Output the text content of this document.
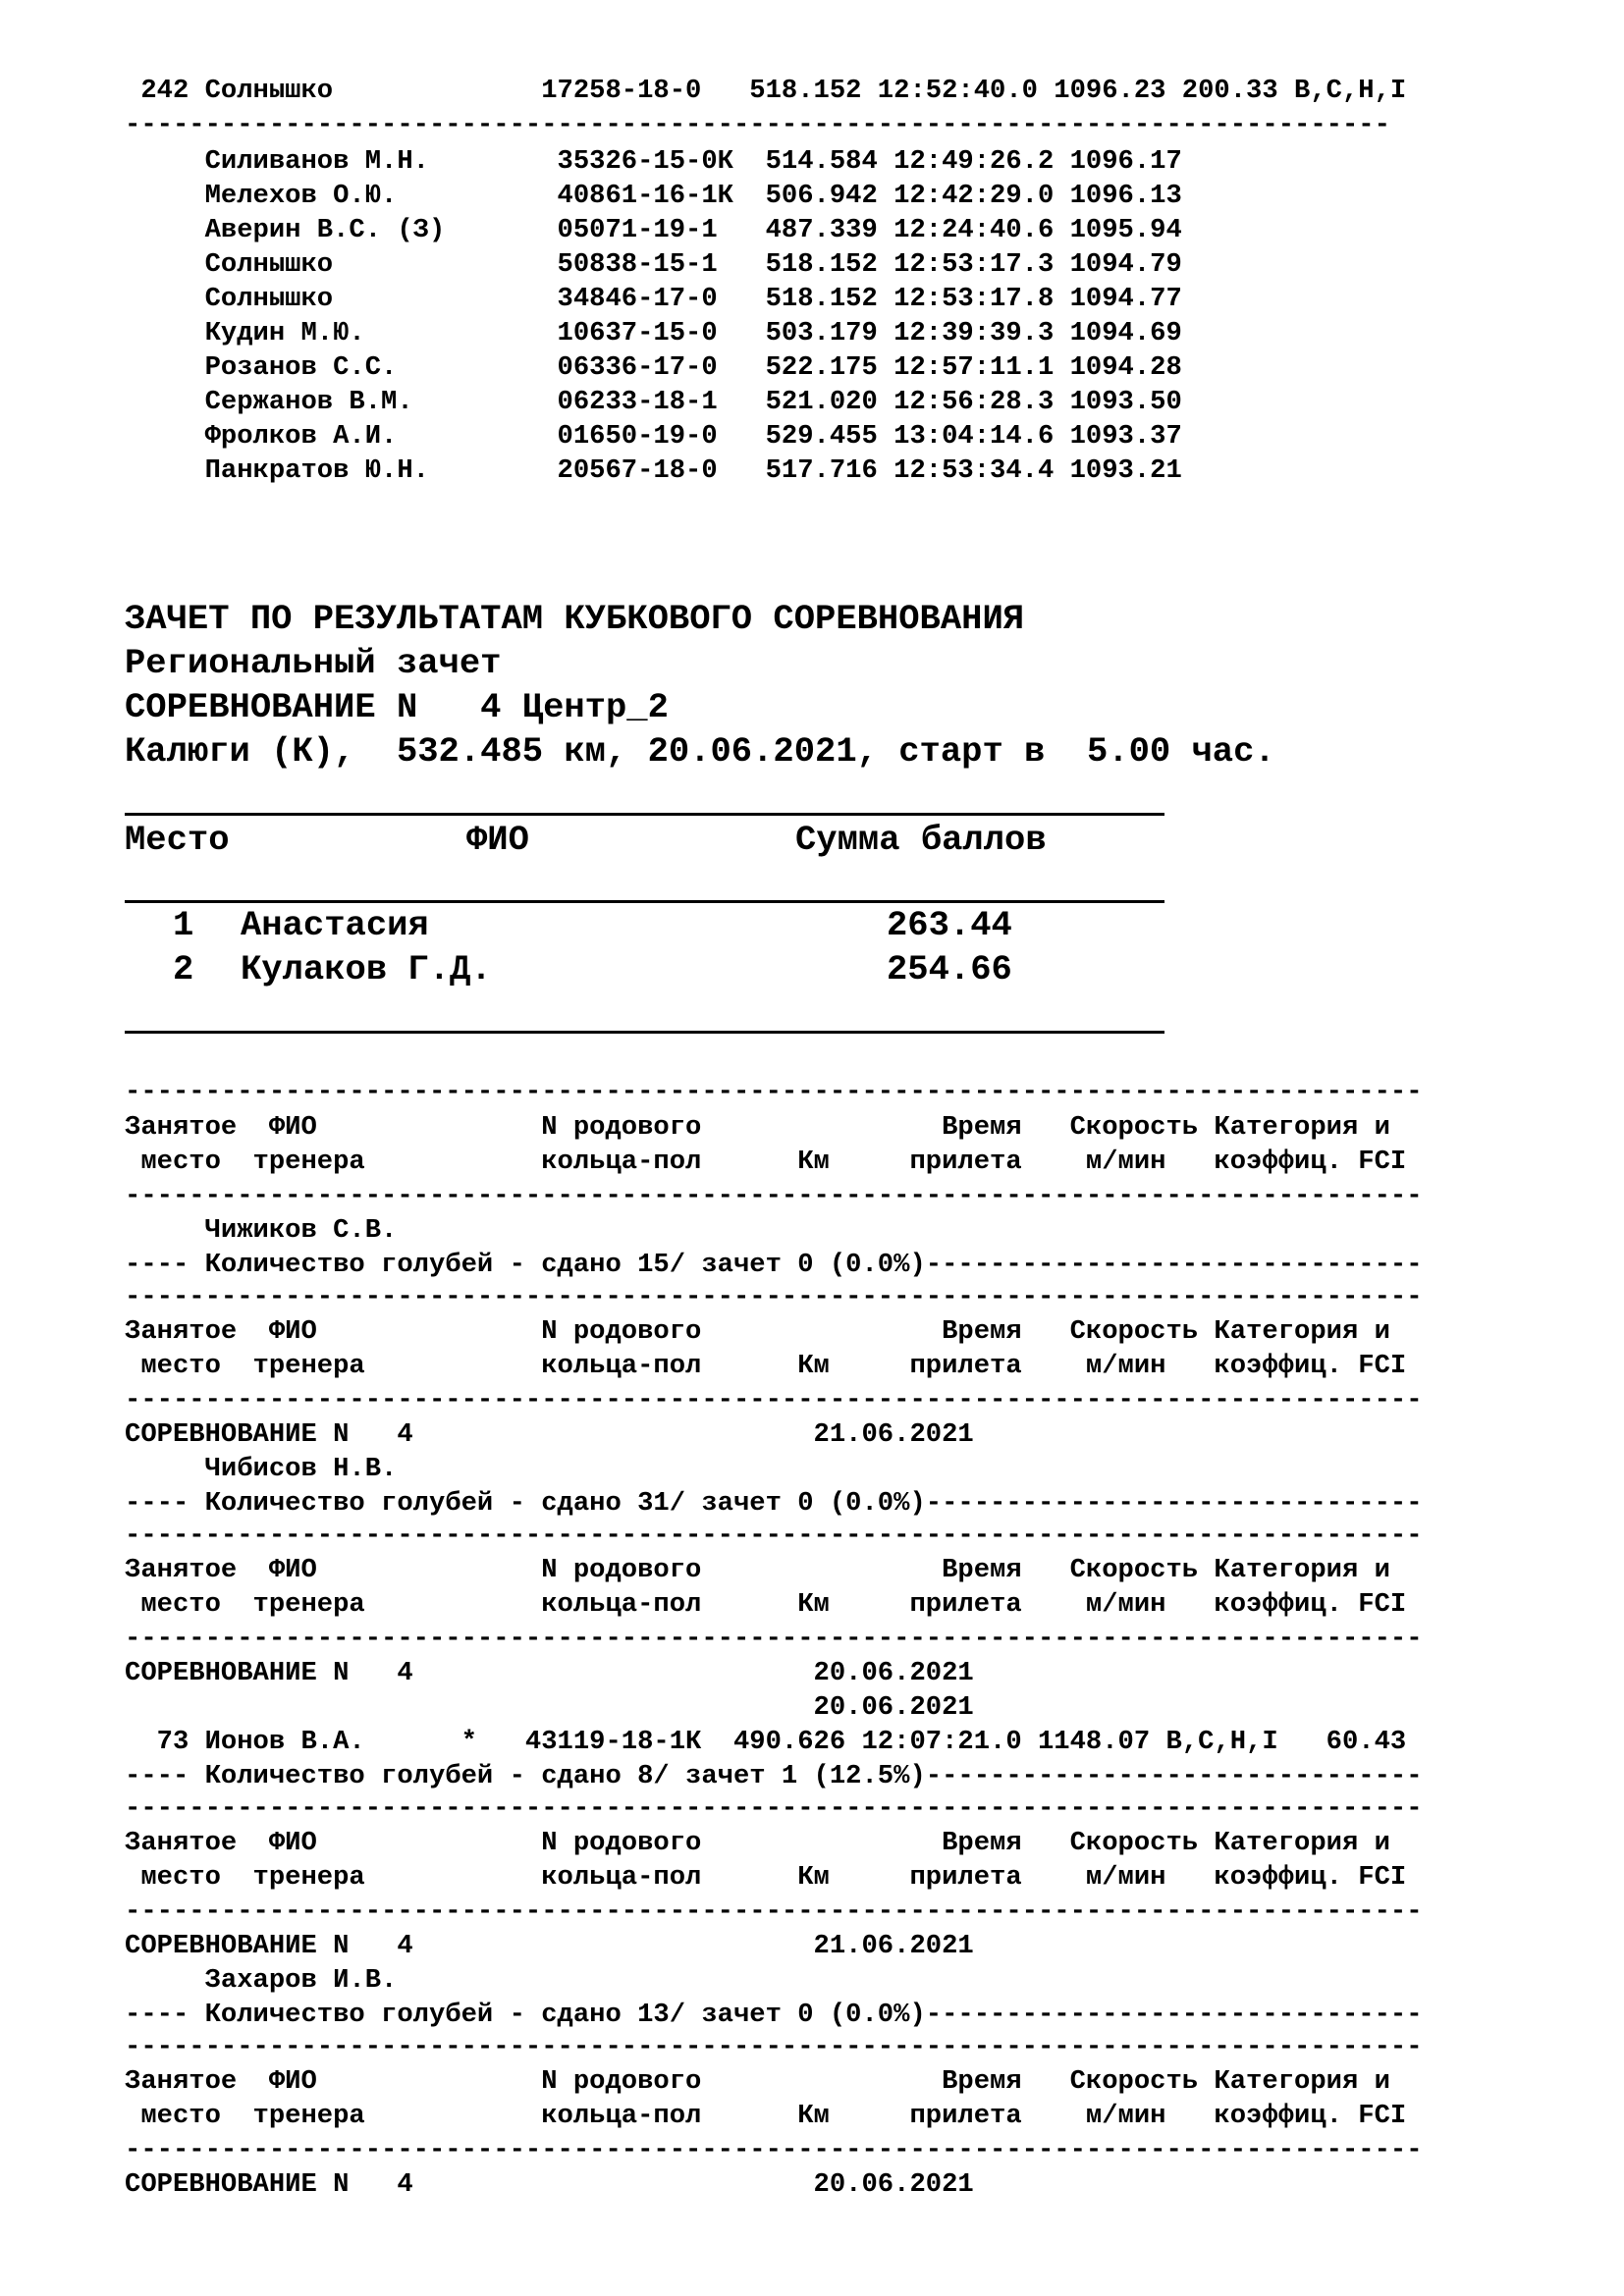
242 Солнышко             17258-18-0   518.152 12:52:40.0 1096.23 200.33 В,С,Н,I
-------------------------------------------------------------------------------
Силиванов М.Н.        35326-15-0К  514.584 12:49:26.2 1096.17
Мелехов О.Ю.          40861-16-1К  506.942 12:42:29.0 1096.13
Аверин В.С. (З)       05071-19-1   487.339 12:24:40.6 1095.94
Солнышко              50838-15-1   518.152 12:53:17.3 1094.79
Солнышко              34846-17-0   518.152 12:53:17.8 1094.77
Кудин М.Ю.            10637-15-0   503.179 12:39:39.3 1094.69
Розанов С.С.          06336-17-0   522.175 12:57:11.1 1094.28
Сержанов В.М.         06233-18-1   521.020 12:56:28.3 1093.50
Фролков А.И.          01650-19-0   529.455 13:04:14.6 1093.37
Панкратов Ю.Н.        20567-18-0   517.716 12:53:34.4 1093.21
ЗАЧЕТ ПО РЕЗУЛЬТАТАМ КУБКОВОГО СОРЕВНОВАНИЯ
Региональный зачет
СОРЕВНОВАНИЕ N   4 Центр_2
Калюги (К),  532.485 км, 20.06.2021, старт в  5.00 час.
Место	ФИО	Сумма баллов
1 Анастасия	263.44
2 Кулаков Г.Д.	254.66
---------------------------------------------------------------------------------
Занятое  ФИО              N родового               Время   Скорость Категория и
место  тренера           кольца-пол      Км     прилета    м/мин   коэффиц. FCI
---------------------------------------------------------------------------------
Чижиков С.В.
---- Количество голубей - сдано 15/ зачет 0 (0.0%)-------------------------------
---------------------------------------------------------------------------------
Занятое  ФИО              N родового               Время   Скорость Категория и
место  тренера           кольца-пол      Км     прилета    м/мин   коэффиц. FCI
---------------------------------------------------------------------------------
СОРЕВНОВАНИЕ N   4                         21.06.2021
Чибисов Н.В.
---- Количество голубей - сдано 31/ зачет 0 (0.0%)-------------------------------
---------------------------------------------------------------------------------
Занятое  ФИО              N родового               Время   Скорость Категория и
место  тренера           кольца-пол      Км     прилета    м/мин   коэффиц. FCI
---------------------------------------------------------------------------------
СОРЕВНОВАНИЕ N   4                         20.06.2021
20.06.2021
73 Ионов В.А.      *   43119-18-1К  490.626 12:07:21.0 1148.07 В,С,Н,I   60.43
---- Количество голубей - сдано 8/ зачет 1 (12.5%)-------------------------------
---------------------------------------------------------------------------------
Занятое  ФИО              N родового               Время   Скорость Категория и
место  тренера           кольца-пол      Км     прилета    м/мин   коэффиц. FCI
---------------------------------------------------------------------------------
СОРЕВНОВАНИЕ N   4                         21.06.2021
Захаров И.В.
---- Количество голубей - сдано 13/ зачет 0 (0.0%)-------------------------------
---------------------------------------------------------------------------------
Занятое  ФИО              N родового               Время   Скорость Категория и
место  тренера           кольца-пол      Км     прилета    м/мин   коэффиц. FCI
---------------------------------------------------------------------------------
СОРЕВНОВАНИЕ N   4                         20.06.2021
